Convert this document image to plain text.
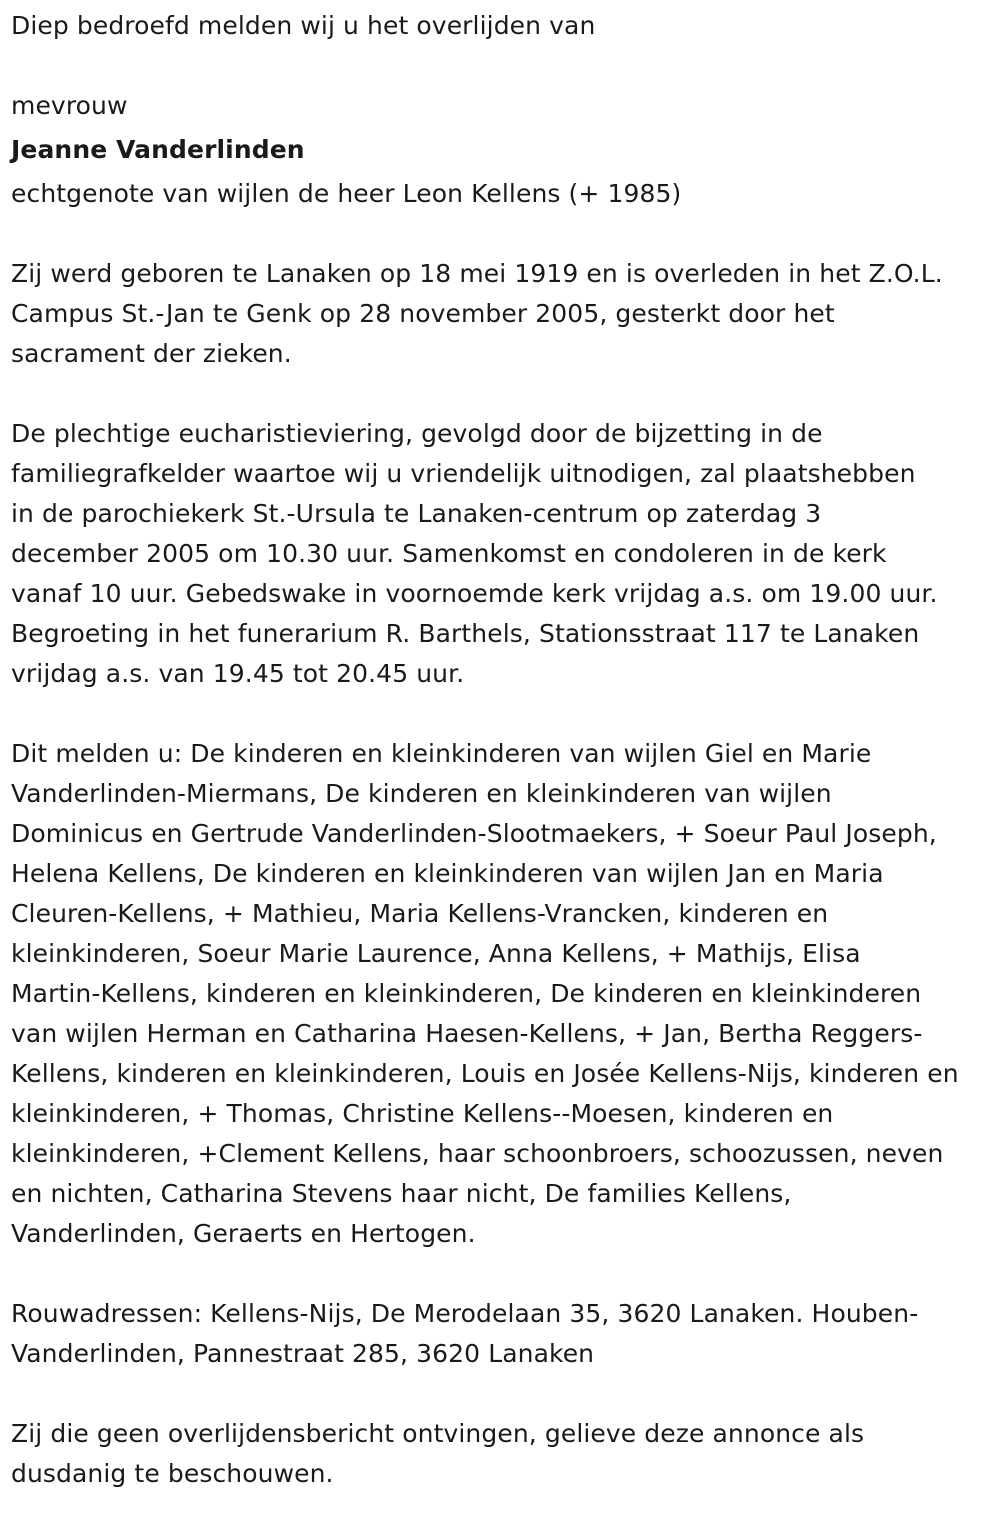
Diep bedroefd melden wij u het overlijden van

mevrouw

Jeanne Vanderlinden

echtgenote van wijlen de heer Leon Kellens (+ 1985)

Zij werd geboren te Lanaken op 18 mei 1919 en is overleden in het Z.O.L.

Campus St.-Jan te Genk op 28 november 2005, gesterkt door het

sacrament der zieken.

De plechtige eucharistieviering, gevolgd door de bijzetting in de

familiegrafkelder waartoe wij u vriendelijk uitnodigen, zal plaatshebben

in de parochiekerk St.-Ursula te Lanaken-centrum op zaterdag 3

december 2005 om 10.30 uur. Samenkomst en condoleren in de kerk

vanaf 10 uur. Gebedswake in voornoemde kerk vrijdag a.s. om 19.00 uur.

Begroeting in het funerarium R. Barthels, Stationsstraat 117 te Lanaken

vrijdag a.s. van 19.45 tot 20.45 uur.

Dit melden u: De kinderen en kleinkinderen van wijlen Giel en Marie

Vanderlinden-Miermans, De kinderen en kleinkinderen van wijlen

Dominicus en Gertrude Vanderlinden-Slootmaekers, + Soeur Paul Joseph,

Helena Kellens, De kinderen en kleinkinderen van wijlen Jan en Maria

Cleuren-Kellens, + Mathieu, Maria Kellens-Vrancken, kinderen en

kleinkinderen, Soeur Marie Laurence, Anna Kellens, + Mathijs, Elisa

Martin-Kellens, kinderen en kleinkinderen, De kinderen en kleinkinderen

van wijlen Herman en Catharina Haesen-Kellens, + Jan, Bertha Reggers-

Kellens, kinderen en kleinkinderen, Louis en Josée Kellens-Nijs, kinderen en

kleinkinderen, + Thomas, Christine Kellens--Moesen, kinderen en

kleinkinderen, +Clement Kellens, haar schoonbroers, schoozussen, neven

en nichten, Catharina Stevens haar nicht, De families Kellens,

Vanderlinden, Geraerts en Hertogen.

Rouwadressen: Kellens-Nijs, De Merodelaan 35, 3620 Lanaken. Houben-

Vanderlinden, Pannestraat 285, 3620 Lanaken

Zij die geen overlijdensbericht ontvingen, gelieve deze annonce als

dusdanig te beschouwen.
